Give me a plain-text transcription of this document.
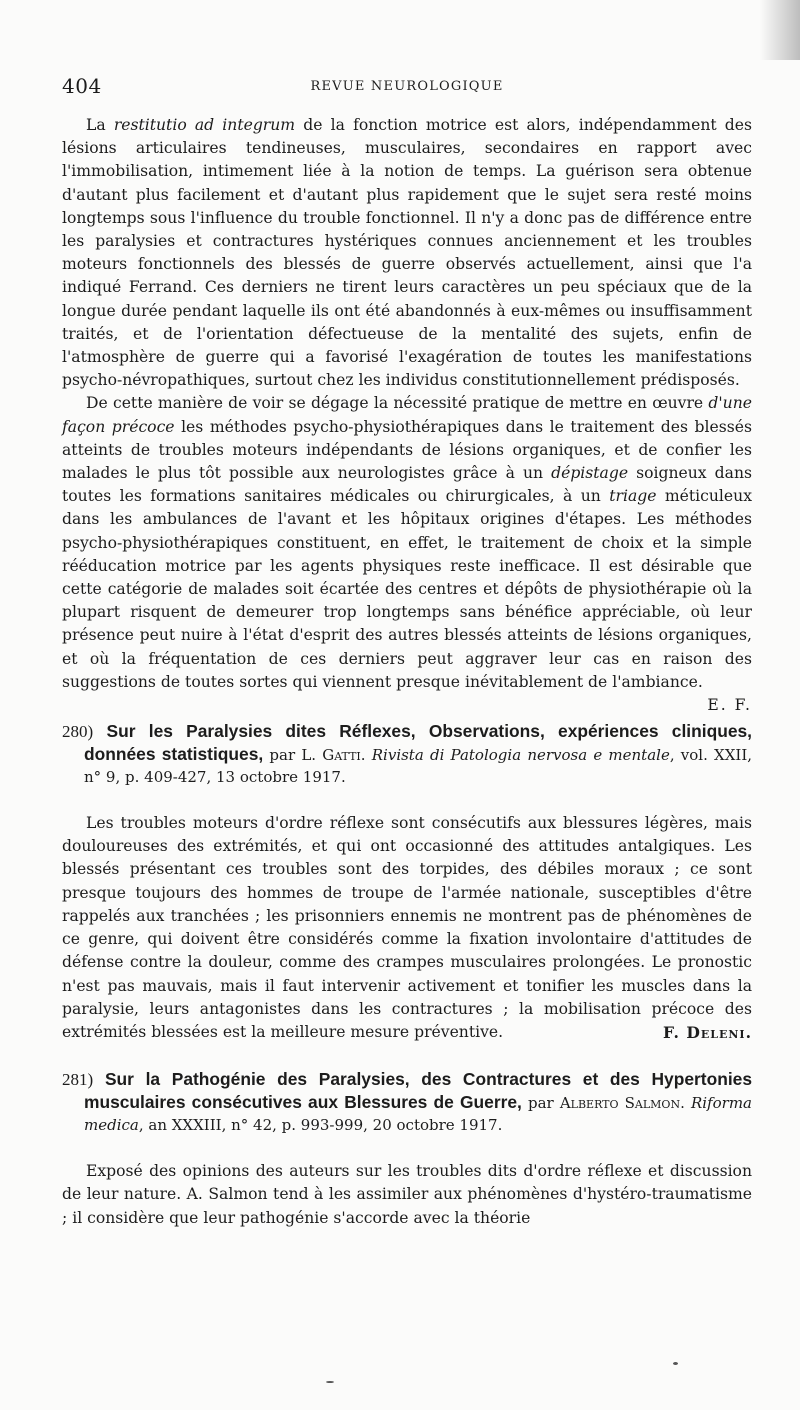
404	REVUE NEUROLOGIQUE

La restitutio ad integrum de la fonction motrice est alors, indépendamment des lésions articulaires tendineuses, musculaires, secondaires en rapport avec l'immobilisation, intimement liée à la notion de temps. La guérison sera obtenue d'autant plus facilement et d'autant plus rapidement que le sujet sera resté moins longtemps sous l'influence du trouble fonctionnel. Il n'y a donc pas de différence entre les paralysies et contractures hystériques connues anciennement et les troubles moteurs fonctionnels des blessés de guerre observés actuellement, ainsi que l'a indiqué Ferrand. Ces derniers ne tirent leurs caractères un peu spéciaux que de la longue durée pendant laquelle ils ont été abandonnés à eux-mêmes ou insuffisamment traités, et de l'orientation défectueuse de la mentalité des sujets, enfin de l'atmosphère de guerre qui a favorisé l'exagération de toutes les manifestations psycho-névropathiques, surtout chez les individus constitutionnellement prédisposés.

De cette manière de voir se dégage la nécessité pratique de mettre en œuvre d'une façon précoce les méthodes psycho-physiothérapiques dans le traitement des blessés atteints de troubles moteurs indépendants de lésions organiques, et de confier les malades le plus tôt possible aux neurologistes grâce à un dépistage soigneux dans toutes les formations sanitaires médicales ou chirurgicales, à un triage méticuleux dans les ambulances de l'avant et les hôpitaux origines d'étapes. Les méthodes psycho-physiothérapiques constituent, en effet, le traitement de choix et la simple rééducation motrice par les agents physiques reste inefficace. Il est désirable que cette catégorie de malades soit écartée des centres et dépôts de physiothérapie où la plupart risquent de demeurer trop longtemps sans bénéfice appréciable, où leur présence peut nuire à l'état d'esprit des autres blessés atteints de lésions organiques, et où la fréquentation de ces derniers peut aggraver leur cas en raison des suggestions de toutes sortes qui viennent presque inévitablement de l'ambiance.
E. F.

280) Sur les Paralysies dites Réflexes, Observations, expériences cliniques, données statistiques, par L. Gatti. Rivista di Patologia nervosa e mentale, vol. XXII, n° 9, p. 409-427, 13 octobre 1917.

Les troubles moteurs d'ordre réflexe sont consécutifs aux blessures légères, mais douloureuses des extrémités, et qui ont occasionné des attitudes antalgiques. Les blessés présentant ces troubles sont des torpides, des débiles moraux ; ce sont presque toujours des hommes de troupe de l'armée nationale, susceptibles d'être rappelés aux tranchées ; les prisonniers ennemis ne montrent pas de phénomènes de ce genre, qui doivent être considérés comme la fixation involontaire d'attitudes de défense contre la douleur, comme des crampes musculaires prolongées. Le pronostic n'est pas mauvais, mais il faut intervenir activement et tonifier les muscles dans la paralysie, leurs antagonistes dans les contractures ; la mobilisation précoce des extrémités blessées est la meilleure mesure préventive.	F. Deleni.

281) Sur la Pathogénie des Paralysies, des Contractures et des Hypertonies musculaires consécutives aux Blessures de Guerre, par Alberto Salmon. Riforma medica, an XXXIII, n° 42, p. 993-999, 20 octobre 1917.

Exposé des opinions des auteurs sur les troubles dits d'ordre réflexe et discussion de leur nature. A. Salmon tend à les assimiler aux phénomènes d'hystéro-traumatisme ; il considère que leur pathogénie s'accorde avec la théorie
